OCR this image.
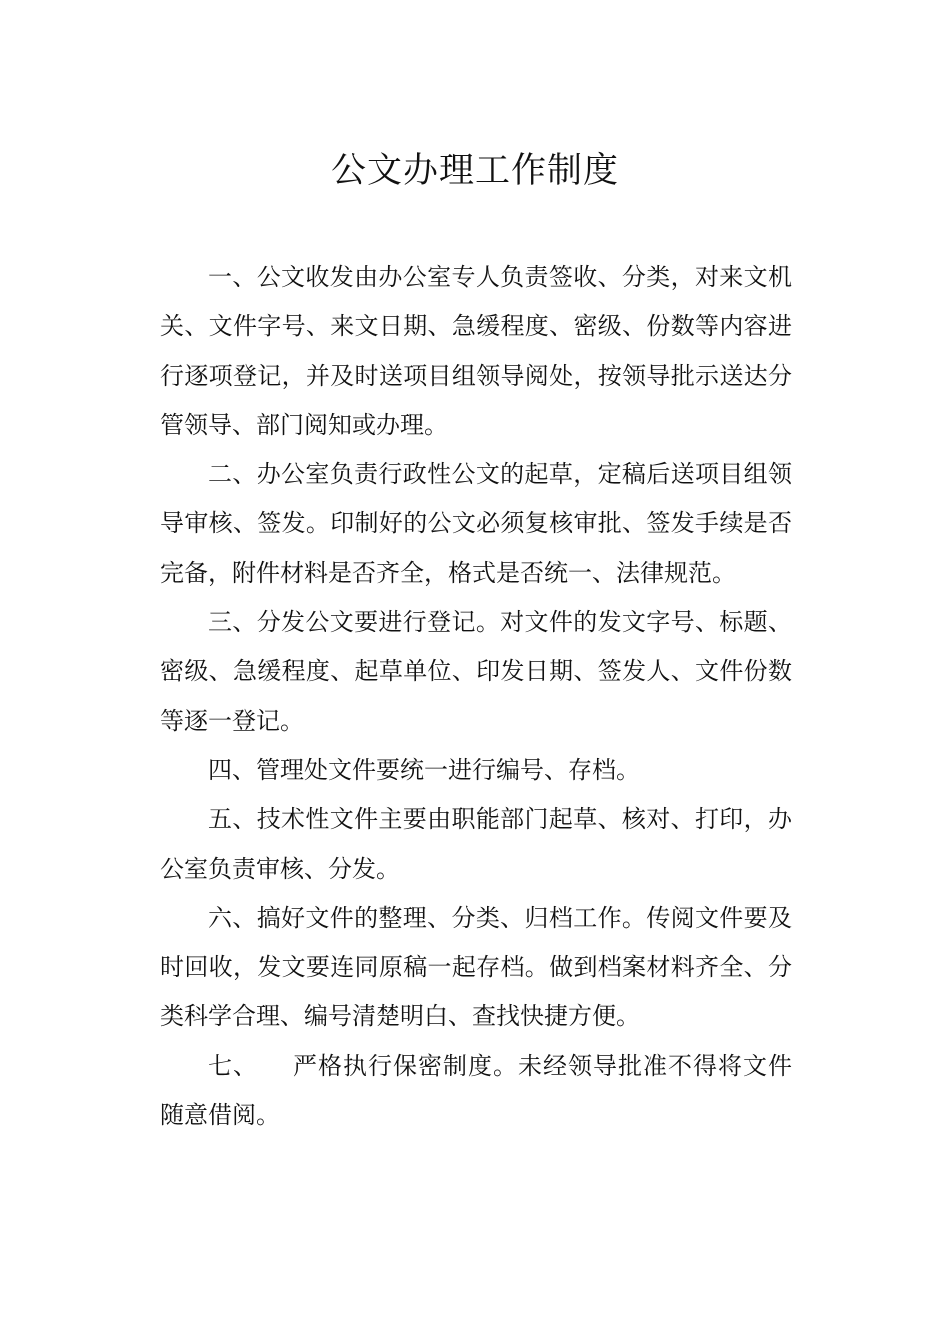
公文办理工作制度

一、公文收发由办公室专人负责签收、分类，对来文机关、文件字号、来文日期、急缓程度、密级、份数等内容进行逐项登记，并及时送项目组领导阅处，按领导批示送达分管领导、部门阅知或办理。

二、办公室负责行政性公文的起草，定稿后送项目组领导审核、签发。印制好的公文必须复核审批、签发手续是否完备，附件材料是否齐全，格式是否统一、法律规范。

三、分发公文要进行登记。对文件的发文字号、标题、密级、急缓程度、起草单位、印发日期、签发人、文件份数等逐一登记。

四、管理处文件要统一进行编号、存档。

五、技术性文件主要由职能部门起草、核对、打印，办公室负责审核、分发。

六、搞好文件的整理、分类、归档工作。传阅文件要及时回收，发文要连同原稿一起存档。做到档案材料齐全、分类科学合理、编号清楚明白、查找快捷方便。

七、 严格执行保密制度。未经领导批准不得将文件随意借阅。
